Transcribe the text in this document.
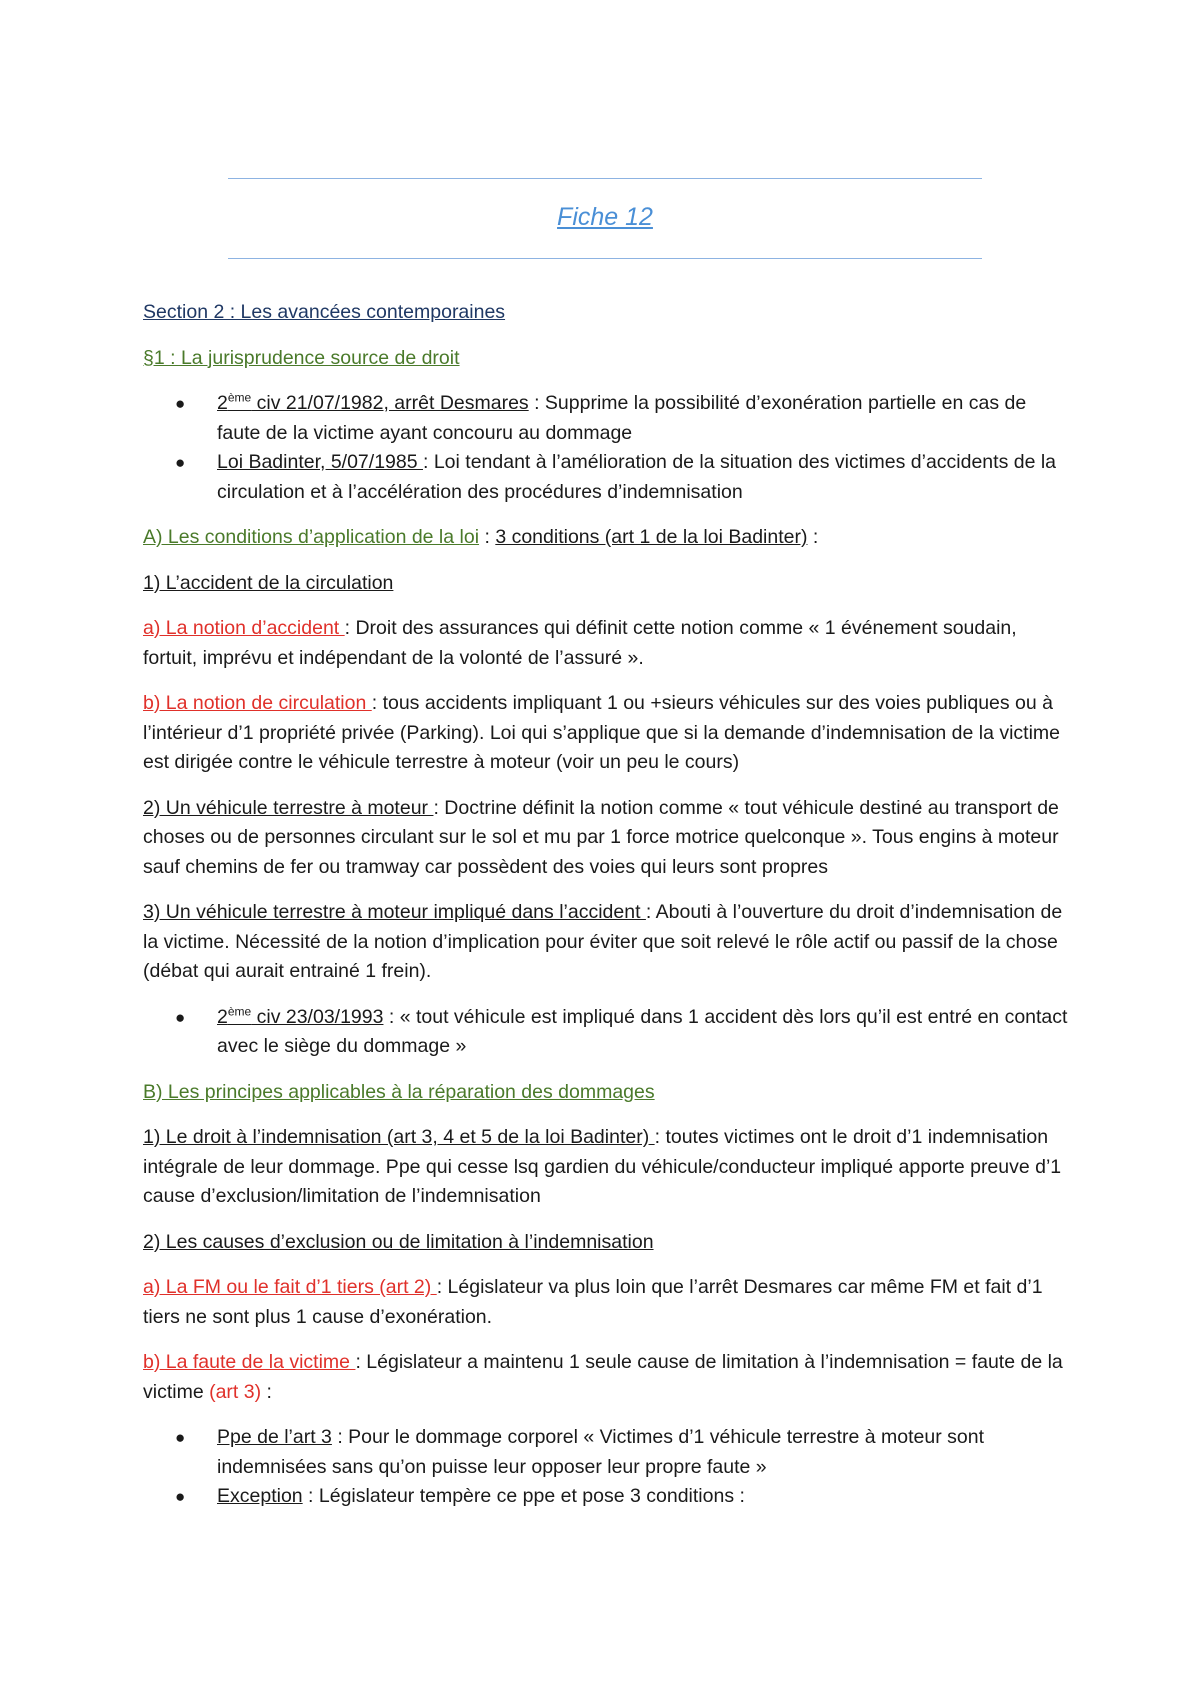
Fiche 12

Section 2 : Les avancées contemporaines

§1 : La jurisprudence source de droit

● 2ème civ 21/07/1982, arrêt Desmares : Supprime la possibilité d’exonération partielle en cas de faute de la victime ayant concouru au dommage
● Loi Badinter, 5/07/1985 : Loi tendant à l’amélioration de la situation des victimes d’accidents de la circulation et à l’accélération des procédures d’indemnisation

A) Les conditions d’application de la loi : 3 conditions (art 1 de la loi Badinter) :

1) L’accident de la circulation

a) La notion d’accident : Droit des assurances qui définit cette notion comme « 1 événement soudain, fortuit, imprévu et indépendant de la volonté de l’assuré ».

b) La notion de circulation : tous accidents impliquant 1 ou +sieurs véhicules sur des voies publiques ou à l’intérieur d’1 propriété privée (Parking). Loi qui s’applique que si la demande d’indemnisation de la victime est dirigée contre le véhicule terrestre à moteur (voir un peu le cours)

2) Un véhicule terrestre à moteur : Doctrine définit la notion comme « tout véhicule destiné au transport de choses ou de personnes circulant sur le sol et mu par 1 force motrice quelconque ». Tous engins à moteur sauf chemins de fer ou tramway car possèdent des voies qui leurs sont propres

3) Un véhicule terrestre à moteur impliqué dans l’accident : Abouti à l’ouverture du droit d’indemnisation de la victime. Nécessité de la notion d’implication pour éviter que soit relevé le rôle actif ou passif de la chose (débat qui aurait entrainé 1 frein).

● 2ème civ 23/03/1993 : « tout véhicule est impliqué dans 1 accident dès lors qu’il est entré en contact avec le siège du dommage »

B) Les principes applicables à la réparation des dommages

1) Le droit à l’indemnisation (art 3, 4 et 5 de la loi Badinter) : toutes victimes ont le droit d’1 indemnisation intégrale de leur dommage. Ppe qui cesse lsq gardien du véhicule/conducteur impliqué apporte preuve d’1 cause d’exclusion/limitation de l’indemnisation

2) Les causes d’exclusion ou de limitation à l’indemnisation

a) La FM ou le fait d’1 tiers (art 2) : Législateur va plus loin que l’arrêt Desmares car même FM et fait d’1 tiers ne sont plus 1 cause d’exonération.

b) La faute de la victime : Législateur a maintenu 1 seule cause de limitation à l’indemnisation = faute de la victime (art 3) :

● Ppe de l’art 3 : Pour le dommage corporel « Victimes d’1 véhicule terrestre à moteur sont indemnisées sans qu’on puisse leur opposer leur propre faute »
● Exception : Législateur tempère ce ppe et pose 3 conditions :
